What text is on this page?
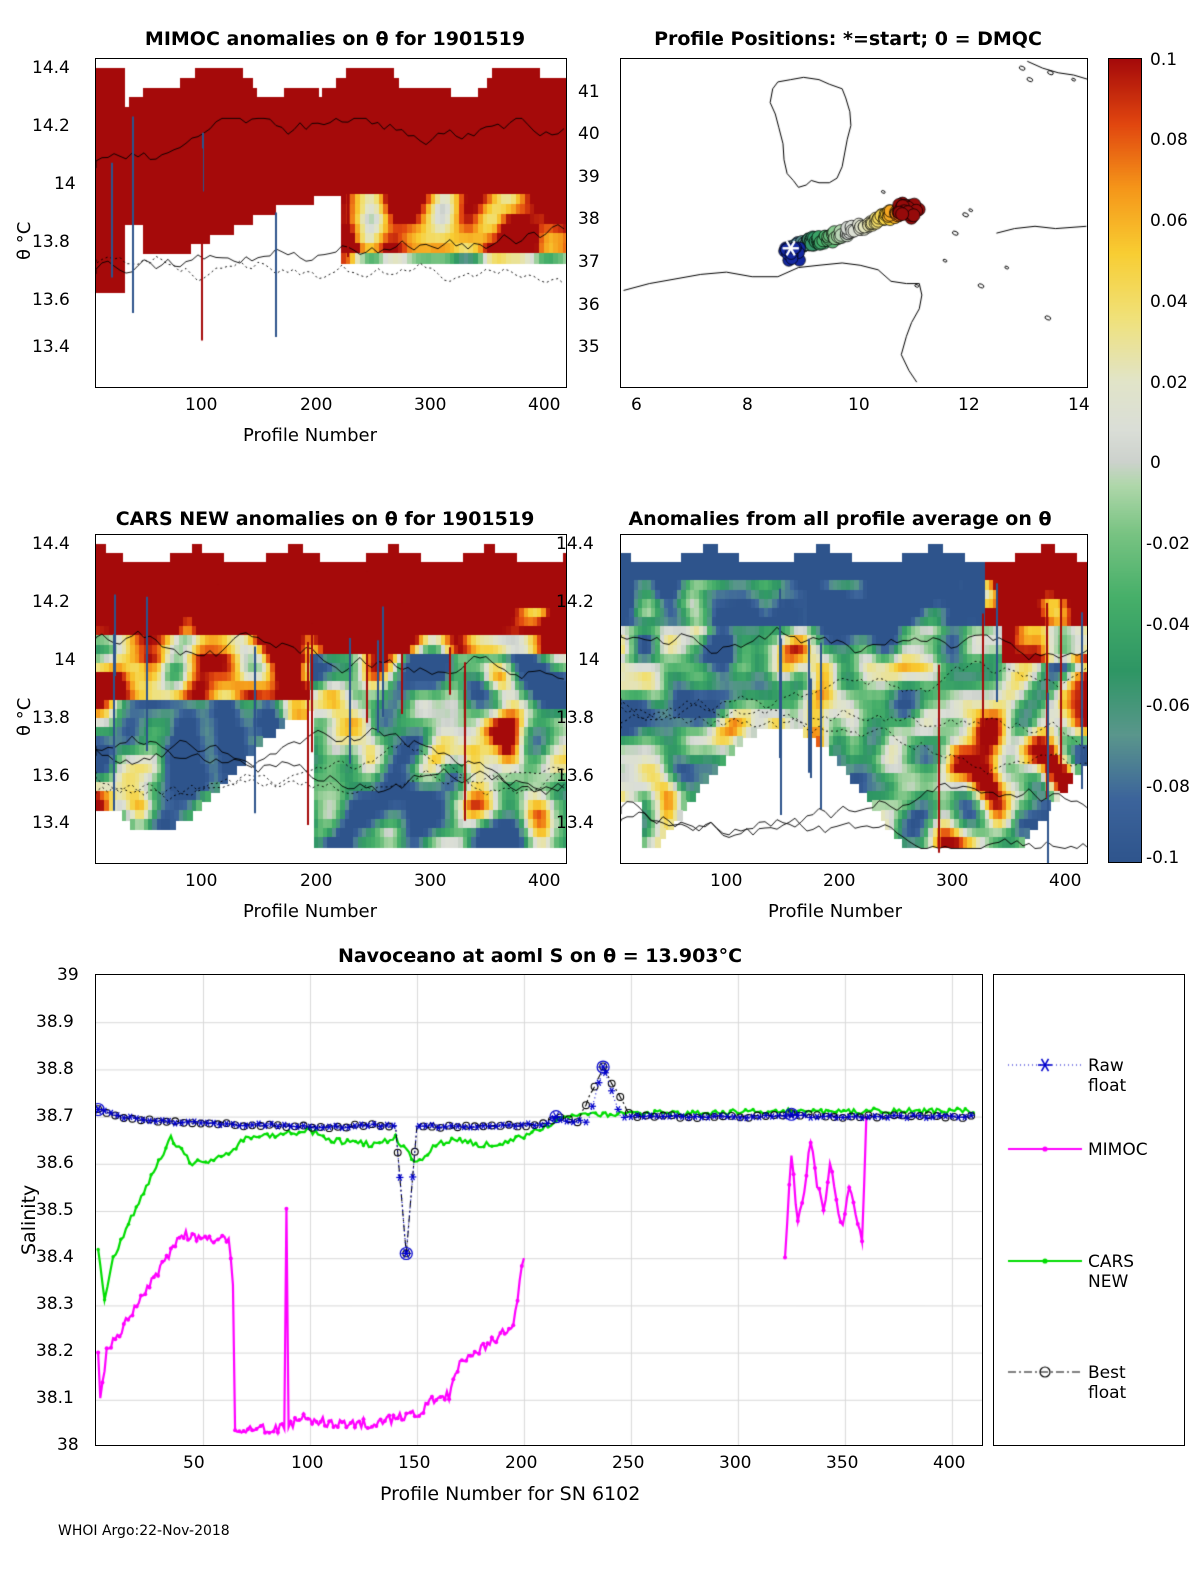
MIMOC anomalies on θ for 1901519
14.4
14.2
14
13.8
13.6
13.4
100	200	300	400
Profile Number
θ °C
Profile Positions: *=start; 0 = DMQC
41
40
39
38
37
36
35
6	8	10	12	14
0.1
0.08
0.06
0.04
0.02
0
-0.02
-0.04
-0.06
-0.08
-0.1
CARS NEW anomalies on θ for 1901519
14.4
14.2
14
13.8
13.6
13.4
100	200	300	400
Profile Number
θ °C
Anomalies from all profile average on θ
14.4
14.2
14
13.8
13.6
13.4
100	200	300	400
Profile Number
Navoceano at aoml S on θ = 13.903°C
39
38.9
38.8
38.7
38.6
38.5
38.4
38.3
38.2
38.1
38
50	100	150	200	250	300	350	400
Profile Number for SN 6102
Salinity
Raw float
MIMOC
CARS NEW
Best float
WHOI Argo:22-Nov-2018
